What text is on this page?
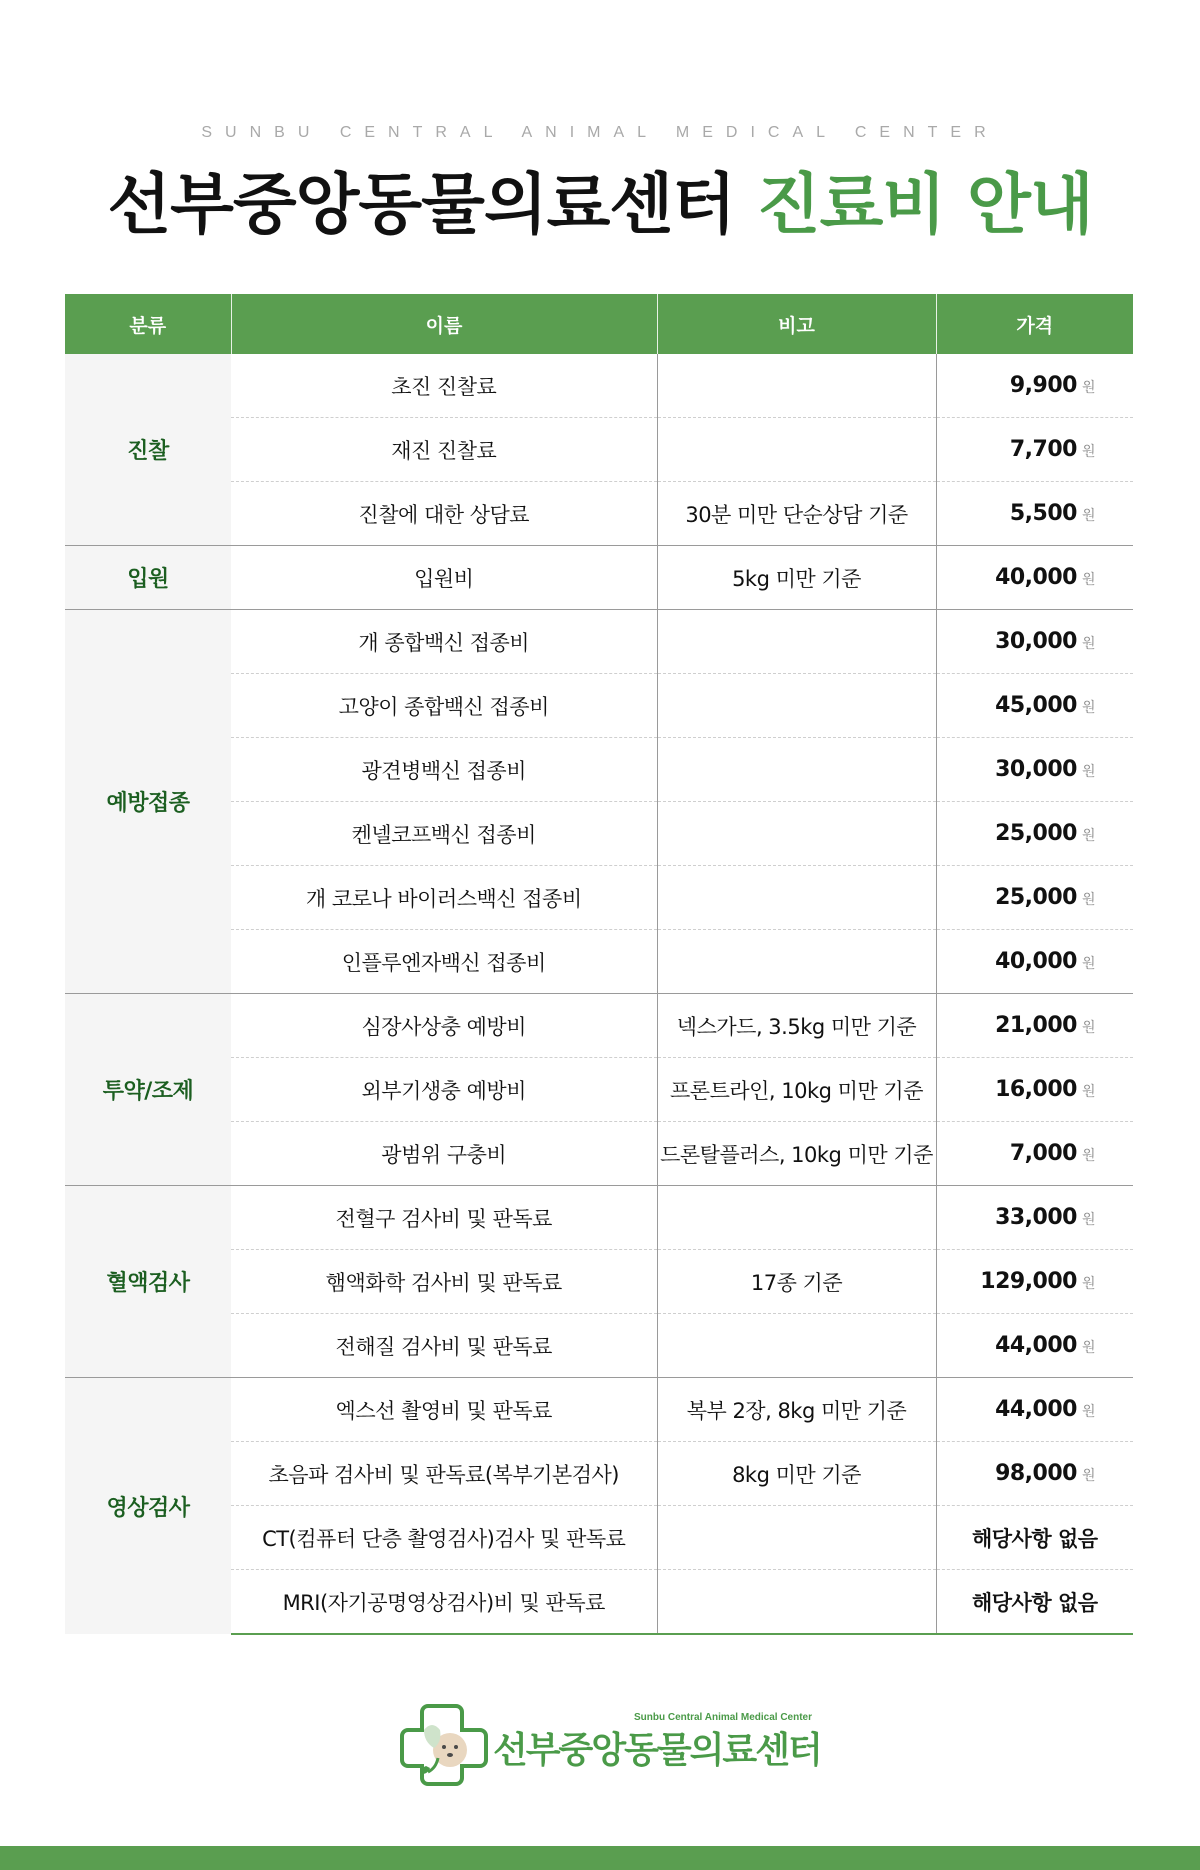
SUNBU CENTRAL ANIMAL MEDICAL CENTER
선부중앙동물의료센터 진료비 안내
분류	이름	비고	가격
진찰	초진 진찰료		9,900 원
	재진 진찰료		7,700 원
	진찰에 대한 상담료	30분 미만 단순상담 기준	5,500 원
입원	입원비	5kg 미만 기준	40,000 원
예방접종	개 종합백신 접종비		30,000 원
	고양이 종합백신 접종비		45,000 원
	광견병백신 접종비		30,000 원
	켄넬코프백신 접종비		25,000 원
	개 코로나 바이러스백신 접종비		25,000 원
	인플루엔자백신 접종비		40,000 원
투약/조제	심장사상충 예방비	넥스가드, 3.5kg 미만 기준	21,000 원
	외부기생충 예방비	프론트라인, 10kg 미만 기준	16,000 원
	광범위 구충비	드론탈플러스, 10kg 미만 기준	7,000 원
혈액검사	전혈구 검사비 및 판독료		33,000 원
	햄액화학 검사비 및 판독료	17종 기준	129,000 원
	전해질 검사비 및 판독료		44,000 원
영상검사	엑스선 촬영비 및 판독료	복부 2장, 8kg 미만 기준	44,000 원
	초음파 검사비 및 판독료(복부기본검사)	8kg 미만 기준	98,000 원
	CT(컴퓨터 단층 촬영검사)검사 및 판독료		해당사항 없음
	MRI(자기공명영상검사)비 및 판독료		해당사항 없음
Sunbu Central Animal Medical Center
선부중앙동물의료센터
